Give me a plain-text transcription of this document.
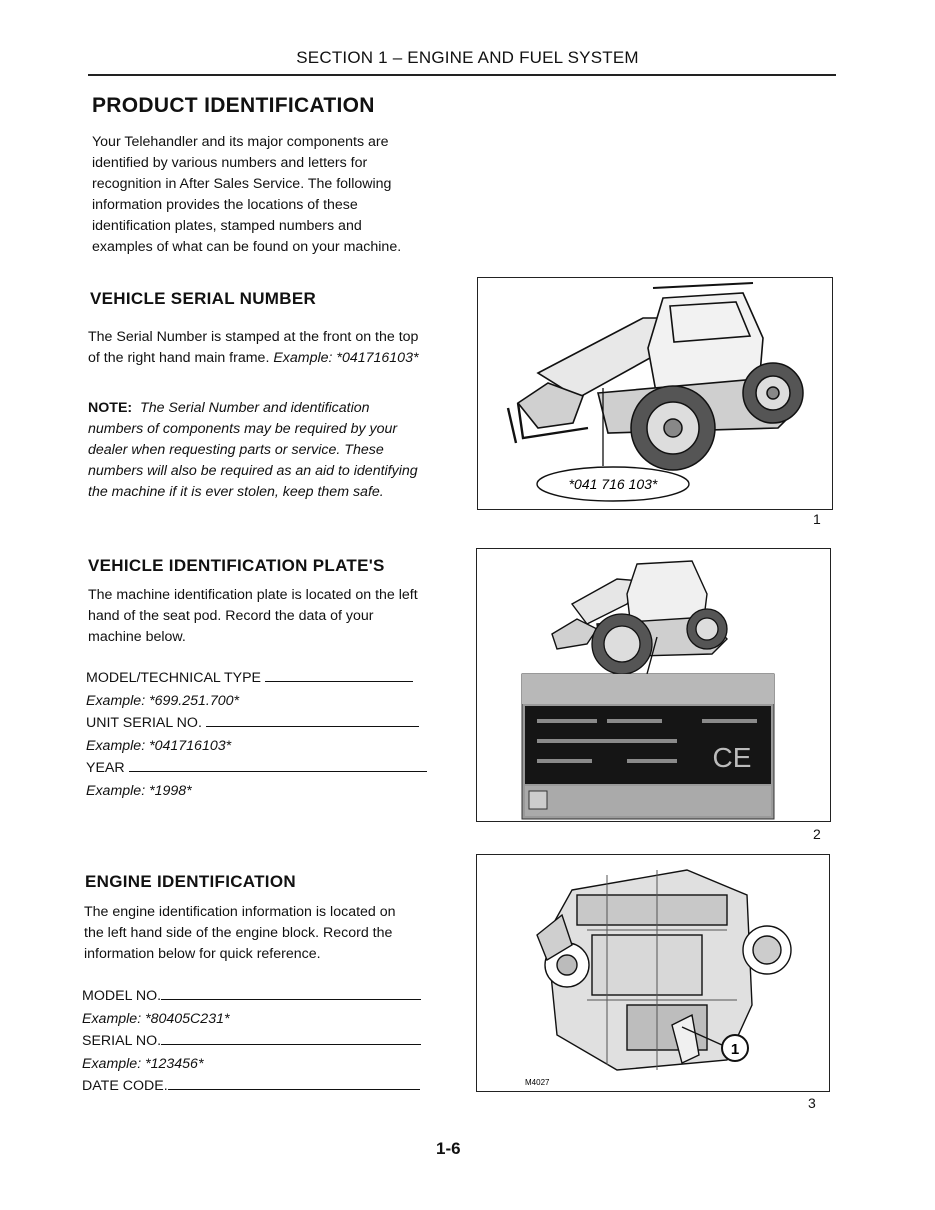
SECTION 1 – ENGINE AND FUEL SYSTEM
PRODUCT IDENTIFICATION
Your Telehandler and its major components are
identified by various numbers and letters for
recognition in After Sales Service. The following
information provides the locations of these
identification plates, stamped numbers and
examples of what can be found on your machine.
VEHICLE SERIAL NUMBER
The Serial Number is stamped at the front on the top
of the right hand main frame. Example: *041716103*
NOTE: The Serial Number and identification
numbers of components may be required by your
dealer when requesting parts or service. These
numbers will also be required as an aid to identifying
the machine if it is ever stolen, keep them safe.	*041 716 103*
1
VEHICLE IDENTIFICATION PLATE'S
The machine identification plate is located on the left
hand of the seat pod. Record the data of your
machine below.
MODEL/TECHNICAL TYPE
Example: *699.251.700*
UNIT SERIAL NO.
Example: *041716103*
YEAR
Example: *1998*
CE
2
ENGINE IDENTIFICATION
The engine identification information is located on
the left hand side of the engine block. Record the
information below for quick reference.
MODEL NO.
Example: *80405C231*
SERIAL NO.
Example: *123456*
DATE CODE.
1
M4027
3
1-6
